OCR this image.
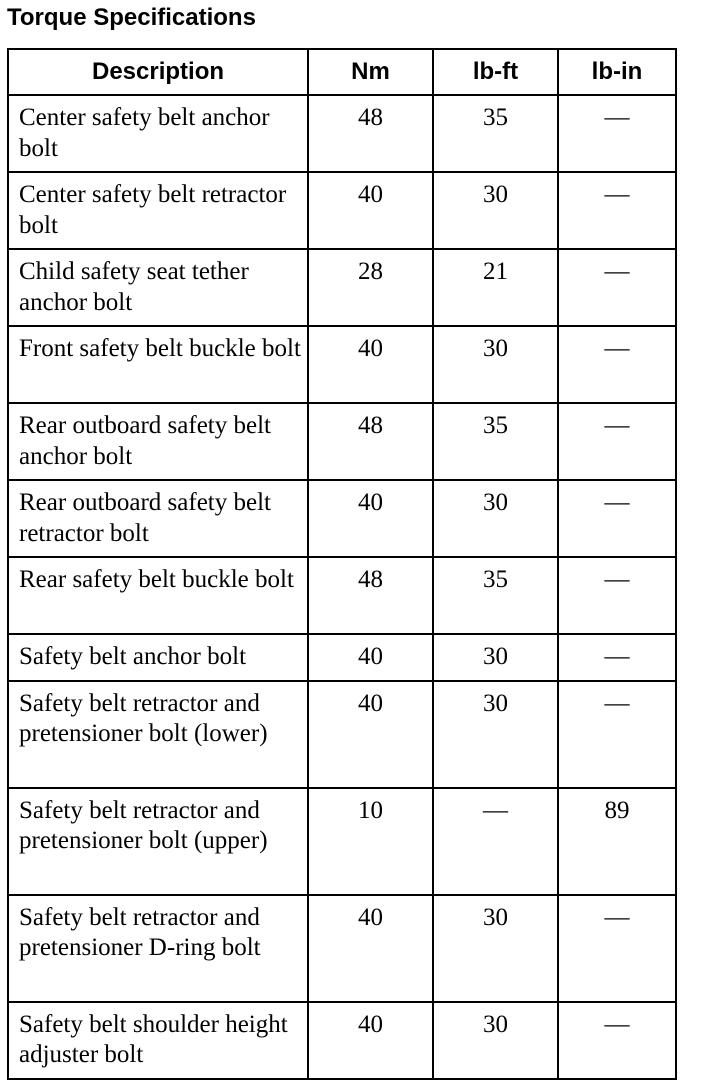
Torque Specifications
Description	Nm	lb-ft	lb-in

Center safety belt anchor bolt	48	35	—

Center safety belt retractor bolt	40	30	—

Child safety seat tether anchor bolt	28	21	—

Front safety belt buckle bolt	40	30	—

Rear outboard safety belt anchor bolt	48	35	—

Rear outboard safety belt retractor bolt	40	30	—

Rear safety belt buckle bolt	48	35	—

Safety belt anchor bolt	40	30	—

Safety belt retractor and pretensioner bolt (lower)	40	30	—

Safety belt retractor and pretensioner bolt (upper)	10	—	89

Safety belt retractor and pretensioner D-ring bolt	40	30	—

Safety belt shoulder height adjuster bolt	40	30	—
